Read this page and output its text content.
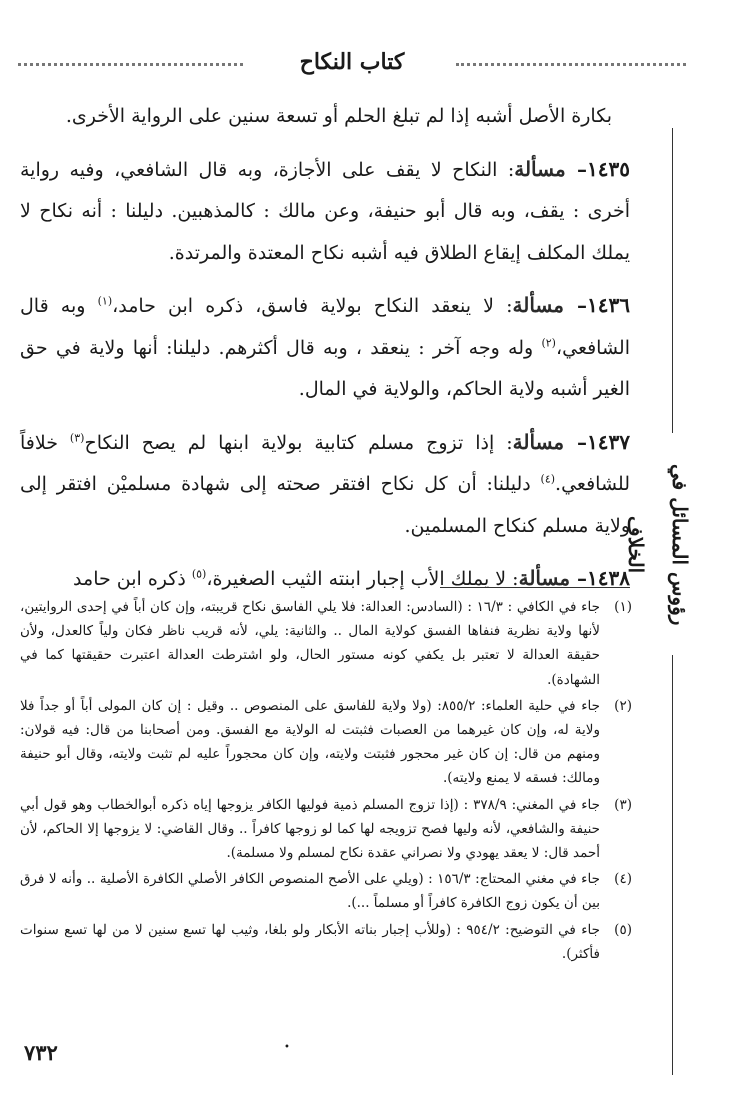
كتاب النكاح
رؤوس المسائل في الخلاف

بكارة الأصل أشبه إذا لم تبلغ الحلم أو تسعة سنين على الرواية الأخرى.

١٤٣٥– مسألة: النكاح لا يقف على الأجازة، وبه قال الشافعي، وفيه رواية أخرى : يقف، وبه قال أبو حنيفة، وعن مالك : كالمذهبين. دليلنا : أنه نكاح لا يملك المكلف إيقاع الطلاق فيه أشبه نكاح المعتدة والمرتدة.

١٤٣٦– مسألة: لا ينعقد النكاح بولاية فاسق، ذكره ابن حامد،$^{(١)}$ وبه قال الشافعي،$^{(٢)}$ وله وجه آخر : ينعقد ، وبه قال أكثرهم. دليلنا: أنها ولاية في حق الغير أشبه ولاية الحاكم، والولاية في المال.

١٤٣٧– مسألة: إذا تزوج مسلم كتابية بولاية ابنها لم يصح النكاح$^{(٣)}$ خلافاً للشافعي.$^{(٤)}$ دليلنا: أن كل نكاح افتقر صحته إلى شهادة مسلميْن افتقر إلى ولاية مسلم كنكاح المسلمين.

١٤٣٨– مسألة: لا يملك الأب إجبار ابنته الثيب الصغيرة،$^{(٥)}$ ذكره ابن حامد

(١)
جاء في الكافي : ١٦/٣ : (السادس: العدالة: فلا يلي الفاسق نكاح قريبته، وإن كان أباً في إحدى الروايتين، لأنها ولاية نظرية فنفاها الفسق كولاية المال .. والثانية: يلي، لأنه قريب ناظر فكان ولياً كالعدل، ولأن حقيقة العدالة لا تعتبر بل يكفي كونه مستور الحال، ولو اشترطت العدالة اعتبرت حقيقتها كما في الشهادة).

(٢)
جاء في حلية العلماء: ٨٥٥/٢: (ولا ولاية للفاسق على المنصوص .. وقيل : إن كان المولى أباً أو جداً فلا ولاية له، وإن كان غيرهما من العصبات فثبتت له الولاية مع الفسق. ومن أصحابنا من قال: فيه قولان: ومنهم من قال: إن كان غير محجور فثبتت ولايته، وإن كان محجوراً عليه لم تثبت ولايته، وقال أبو حنيفة ومالك: فسقه لا يمنع ولايته).

(٣)
جاء في المغني: ٣٧٨/٩ : (إذا تزوج المسلم ذمية فوليها الكافر يزوجها إياه ذكره أبوالخطاب وهو قول أبي حنيفة والشافعي، لأنه وليها فصح تزويجه لها كما لو زوجها كافراً .. وقال القاضي: لا يزوجها إلا الحاكم، لأن أحمد قال: لا يعقد يهودي ولا نصراني عقدة نكاح لمسلم ولا مسلمة).

(٤)
جاء في مغني المحتاج: ١٥٦/٣ : (ويلي على الأصح المنصوص الكافر الأصلي الكافرة الأصلية .. وأنه لا فرق بين أن يكون زوج الكافرة كافراً أو مسلماً ...).

(٥)
جاء في التوضيح: ٩٥٤/٢ : (وللأب إجبار بناته الأبكار ولو بلغا، وثيب لها تسع سنين لا من لها تسع سنوات فأكثر).

•
٧٣٢
